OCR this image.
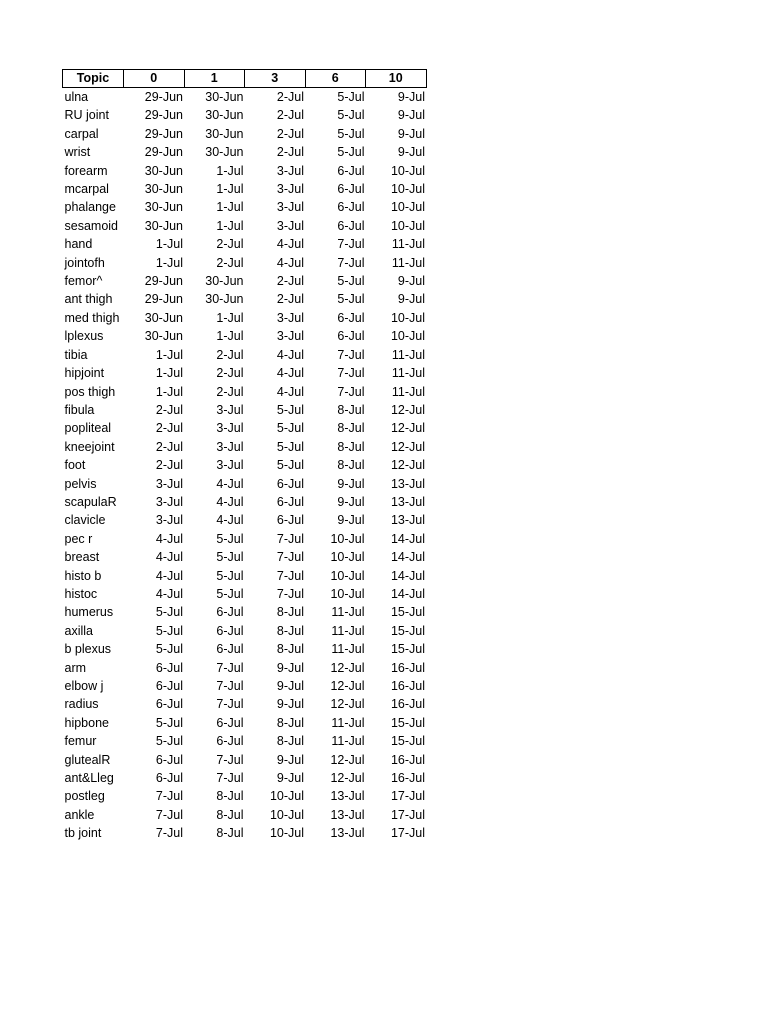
Topic	0	1	3	6	10
ulna	29-Jun	30-Jun	2-Jul	5-Jul	9-Jul
RU joint	29-Jun	30-Jun	2-Jul	5-Jul	9-Jul
carpal	29-Jun	30-Jun	2-Jul	5-Jul	9-Jul
wrist	29-Jun	30-Jun	2-Jul	5-Jul	9-Jul
forearm	30-Jun	1-Jul	3-Jul	6-Jul	10-Jul
mcarpal	30-Jun	1-Jul	3-Jul	6-Jul	10-Jul
phalange	30-Jun	1-Jul	3-Jul	6-Jul	10-Jul
sesamoid	30-Jun	1-Jul	3-Jul	6-Jul	10-Jul
hand	1-Jul	2-Jul	4-Jul	7-Jul	11-Jul
jointofh	1-Jul	2-Jul	4-Jul	7-Jul	11-Jul
femor^	29-Jun	30-Jun	2-Jul	5-Jul	9-Jul
ant thigh	29-Jun	30-Jun	2-Jul	5-Jul	9-Jul
med thigh	30-Jun	1-Jul	3-Jul	6-Jul	10-Jul
lplexus	30-Jun	1-Jul	3-Jul	6-Jul	10-Jul
tibia	1-Jul	2-Jul	4-Jul	7-Jul	11-Jul
hipjoint	1-Jul	2-Jul	4-Jul	7-Jul	11-Jul
pos thigh	1-Jul	2-Jul	4-Jul	7-Jul	11-Jul
fibula	2-Jul	3-Jul	5-Jul	8-Jul	12-Jul
popliteal	2-Jul	3-Jul	5-Jul	8-Jul	12-Jul
kneejoint	2-Jul	3-Jul	5-Jul	8-Jul	12-Jul
foot	2-Jul	3-Jul	5-Jul	8-Jul	12-Jul
pelvis	3-Jul	4-Jul	6-Jul	9-Jul	13-Jul
scapulaR	3-Jul	4-Jul	6-Jul	9-Jul	13-Jul
clavicle	3-Jul	4-Jul	6-Jul	9-Jul	13-Jul
pec r	4-Jul	5-Jul	7-Jul	10-Jul	14-Jul
breast	4-Jul	5-Jul	7-Jul	10-Jul	14-Jul
histo b	4-Jul	5-Jul	7-Jul	10-Jul	14-Jul
histoc	4-Jul	5-Jul	7-Jul	10-Jul	14-Jul
humerus	5-Jul	6-Jul	8-Jul	11-Jul	15-Jul
axilla	5-Jul	6-Jul	8-Jul	11-Jul	15-Jul
b plexus	5-Jul	6-Jul	8-Jul	11-Jul	15-Jul
arm	6-Jul	7-Jul	9-Jul	12-Jul	16-Jul
elbow j	6-Jul	7-Jul	9-Jul	12-Jul	16-Jul
radius	6-Jul	7-Jul	9-Jul	12-Jul	16-Jul
hipbone	5-Jul	6-Jul	8-Jul	11-Jul	15-Jul
femur	5-Jul	6-Jul	8-Jul	11-Jul	15-Jul
glutealR	6-Jul	7-Jul	9-Jul	12-Jul	16-Jul
ant&Lleg	6-Jul	7-Jul	9-Jul	12-Jul	16-Jul
postleg	7-Jul	8-Jul	10-Jul	13-Jul	17-Jul
ankle	7-Jul	8-Jul	10-Jul	13-Jul	17-Jul
tb joint	7-Jul	8-Jul	10-Jul	13-Jul	17-Jul
